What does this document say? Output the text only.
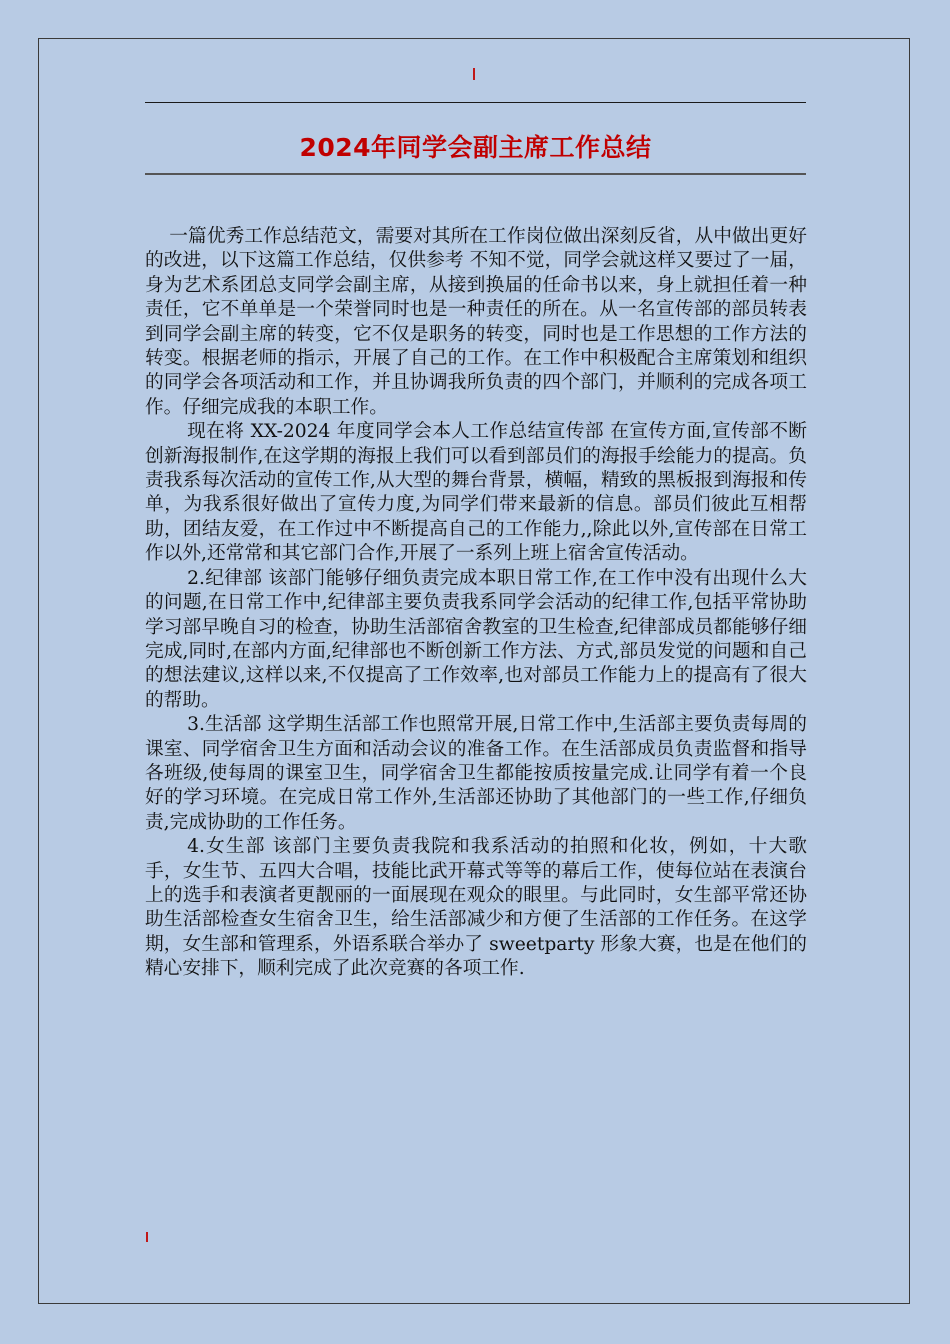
2024年同学会副主席工作总结

一篇优秀工作总结范文，需要对其所在工作岗位做出深刻反省，从中做出更好的改进，以下这篇工作总结，仅供参考 不知不觉，同学会就这样又要过了一届，身为艺术系团总支同学会副主席，从接到换届的任命书以来，身上就担任着一种责任，它不单单是一个荣誉同时也是一种责任的所在。从一名宣传部的部员转表到同学会副主席的转变，它不仅是职务的转变，同时也是工作思想的工作方法的转变。根据老师的指示，开展了自己的工作。在工作中积极配合主席策划和组织的同学会各项活动和工作，并且协调我所负责的四个部门，并顺利的完成各项工作。仔细完成我的本职工作。

现在将 XX-2024 年度同学会本人工作总结宣传部 在宣传方面,宣传部不断创新海报制作,在这学期的海报上我们可以看到部员们的海报手绘能力的提高。负责我系每次活动的宣传工作,从大型的舞台背景，横幅，精致的黑板报到海报和传单，为我系很好做出了宣传力度,为同学们带来最新的信息。部员们彼此互相帮助，团结友爱，在工作过中不断提高自己的工作能力,,除此以外,宣传部在日常工作以外,还常常和其它部门合作,开展了一系列上班上宿舍宣传活动。

2.纪律部 该部门能够仔细负责完成本职日常工作,在工作中没有出现什么大的问题,在日常工作中,纪律部主要负责我系同学会活动的纪律工作,包括平常协助学习部早晚自习的检查，协助生活部宿舍教室的卫生检查,纪律部成员都能够仔细完成,同时,在部内方面,纪律部也不断创新工作方法、方式,部员发觉的问题和自己的想法建议,这样以来,不仅提高了工作效率,也对部员工作能力上的提高有了很大的帮助。

3.生活部 这学期生活部工作也照常开展,日常工作中,生活部主要负责每周的课室、同学宿舍卫生方面和活动会议的准备工作。在生活部成员负责监督和指导各班级,使每周的课室卫生，同学宿舍卫生都能按质按量完成.让同学有着一个良好的学习环境。在完成日常工作外,生活部还协助了其他部门的一些工作,仔细负责,完成协助的工作任务。

4.女生部 该部门主要负责我院和我系活动的拍照和化妆，例如，十大歌手，女生节、五四大合唱，技能比武开幕式等等的幕后工作，使每位站在表演台上的选手和表演者更靓丽的一面展现在观众的眼里。与此同时，女生部平常还协助生活部检查女生宿舍卫生，给生活部减少和方便了生活部的工作任务。在这学期，女生部和管理系，外语系联合举办了 sweetparty 形象大赛，也是在他们的精心安排下，顺利完成了此次竞赛的各项工作.
